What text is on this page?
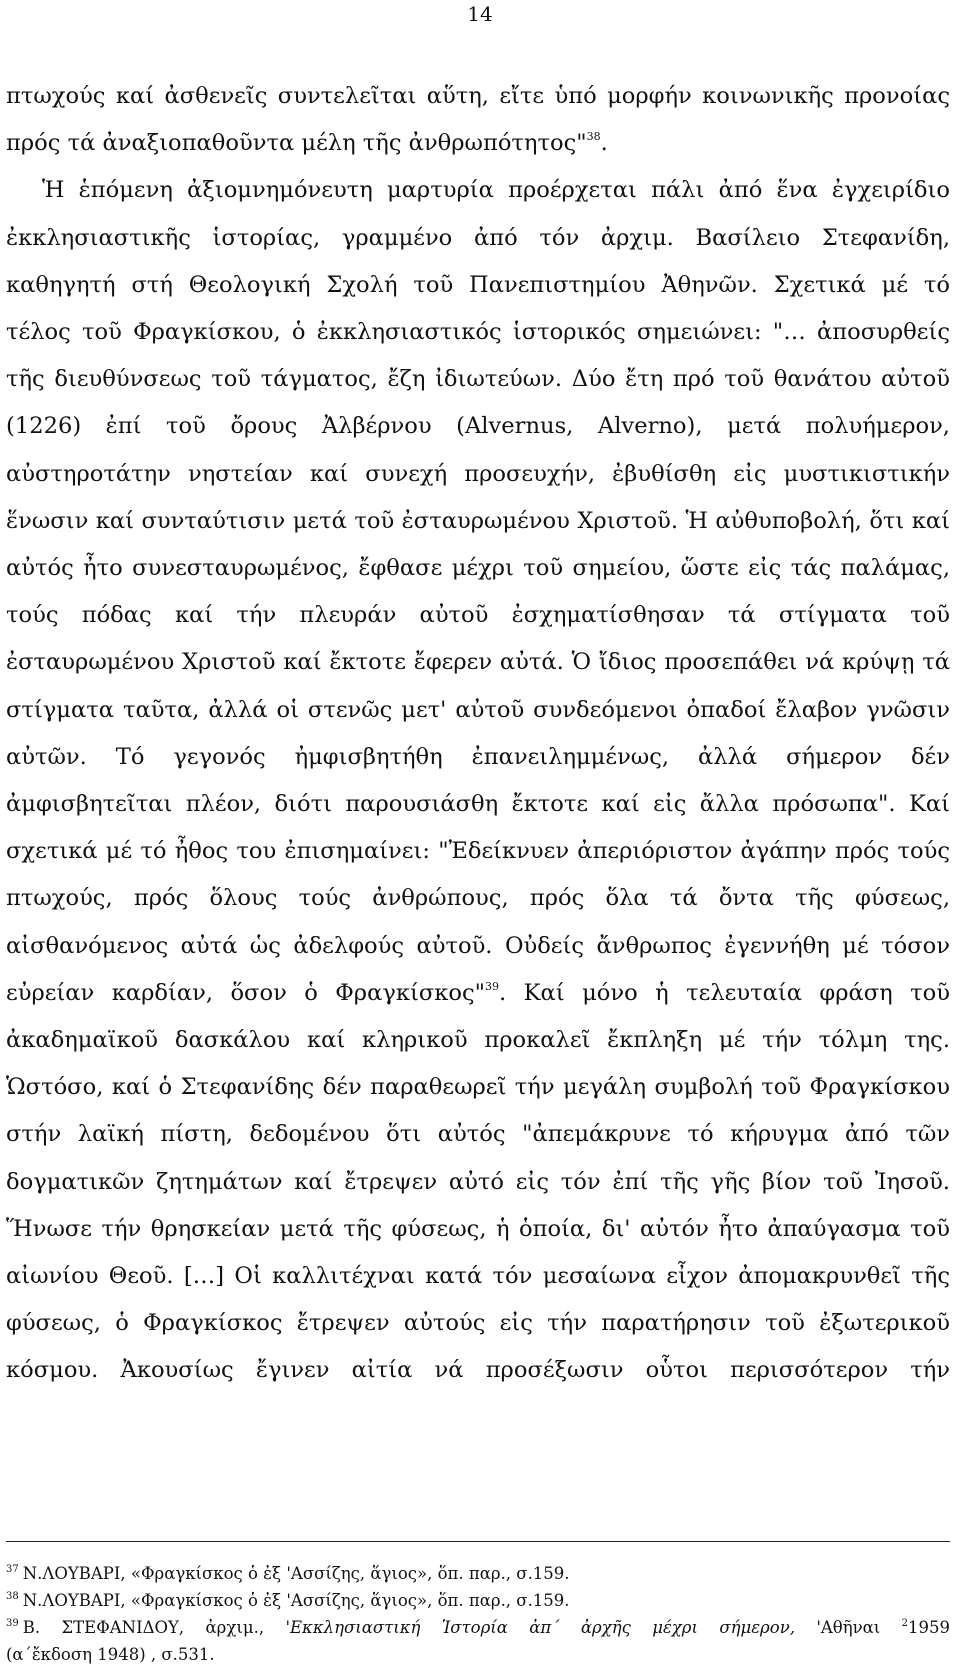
14
πτωχούς καί ἀσθενεῖς συντελεῖται αὕτη, εἴτε ὑπό μορφήν κοινωνικῆς προνοίας
πρός τά ἀναξιοπαθοῦντα μέλη τῆς ἀνθρωπότητος"$^{38}$.
Ἡ ἑπόμενη ἀξιομνημόνευτη μαρτυρία προέρχεται πάλι ἀπό ἕνα ἐγχειρίδιο
ἐκκλησιαστικῆς ἱστορίας, γραμμένο ἀπό τόν ἀρχιμ. Βασίλειο Στεφανίδη,
καθηγητή στή Θεολογική Σχολή τοῦ Πανεπιστημίου Ἀθηνῶν. Σχετικά μέ τό
τέλος τοῦ Φραγκίσκου, ὁ ἐκκλησιαστικός ἱστορικός σημειώνει: "… ἀποσυρθείς
τῆς διευθύνσεως τοῦ τάγματος, ἔζη ἰδιωτεύων. Δύο ἔτη πρό τοῦ θανάτου αὐτοῦ
(1226) ἐπί τοῦ ὄρους Ἀλβέρνου (Alvernus, Alverno), μετά πολυήμερον,
αὐστηροτάτην νηστείαν καί συνεχή προσευχήν, ἐβυθίσθη εἰς μυστικιστικήν
ἕνωσιν καί συνταύτισιν μετά τοῦ ἐσταυρωμένου Χριστοῦ. Ἡ αὐθυποβολή, ὅτι καί
αὐτός ἦτο συνεσταυρωμένος, ἔφθασε μέχρι τοῦ σημείου, ὥστε εἰς τάς παλάμας,
τούς πόδας καί τήν πλευράν αὐτοῦ ἐσχηματίσθησαν τά στίγματα τοῦ
ἐσταυρωμένου Χριστοῦ καί ἔκτοτε ἔφερεν αὐτά. Ὁ ἴδιος προσεπάθει νά κρύψῃ τά
στίγματα ταῦτα, ἀλλά οἱ στενῶς μετ' αὐτοῦ συνδεόμενοι ὀπαδοί ἔλαβον γνῶσιν
αὐτῶν. Τό γεγονός ἠμφισβητήθη ἐπανειλημμένως, ἀλλά σήμερον δέν
ἀμφισβητεῖται πλέον, διότι παρουσιάσθη ἔκτοτε καί εἰς ἄλλα πρόσωπα". Καί
σχετικά μέ τό ἦθος του ἐπισημαίνει: "Ἐδείκνυεν ἀπεριόριστον ἀγάπην πρός τούς
πτωχούς, πρός ὅλους τούς ἀνθρώπους, πρός ὅλα τά ὄντα τῆς φύσεως,
αἰσθανόμενος αὐτά ὡς ἀδελφούς αὐτοῦ. Οὐδείς ἄνθρωπος ἐγεννήθη μέ τόσον
εὐρείαν καρδίαν, ὅσον ὁ Φραγκίσκος"$^{39}$. Καί μόνο ἡ τελευταία φράση τοῦ
ἀκαδημαϊκοῦ δασκάλου καί κληρικοῦ προκαλεῖ ἔκπληξη μέ τήν τόλμη της.
Ὡστόσο, καί ὁ Στεφανίδης δέν παραθεωρεῖ τήν μεγάλη συμβολή τοῦ Φραγκίσκου
στήν λαϊκή πίστη, δεδομένου ὅτι αὐτός "ἀπεμάκρυνε τό κήρυγμα ἀπό τῶν
δογματικῶν ζητημάτων καί ἔτρεψεν αὐτό εἰς τόν ἐπί τῆς γῆς βίον τοῦ Ἰησοῦ.
Ἥνωσε τήν θρησκείαν μετά τῆς φύσεως, ἡ ὁποία, δι' αὐτόν ἦτο ἀπαύγασμα τοῦ
αἰωνίου Θεοῦ. […] Οἱ καλλιτέχναι κατά τόν μεσαίωνα εἶχον ἀπομακρυνθεῖ τῆς
φύσεως, ὁ Φραγκίσκος ἔτρεψεν αὐτούς εἰς τήν παρατήρησιν τοῦ ἐξωτερικοῦ
κόσμου. Ἀκουσίως ἔγινεν αἰτία νά προσέξωσιν οὗτοι περισσότερον τήν
$^{37}$ Ν.ΛΟΥΒΑΡΙ, «Φραγκίσκος ὁ ἐξ 'Ασσίζης, ἅγιος», ὅπ. παρ., σ.159.
$^{38}$ Ν.ΛΟΥΒΑΡΙ, «Φραγκίσκος ὁ ἐξ 'Ασσίζης, ἅγιος», ὅπ. παρ., σ.159.
$^{39}$ Β. ΣΤΕΦΑΝΙΔΟΥ, ἀρχιμ., 'Εκκλησιαστική Ἱστορία ἀπ΄ ἀρχῆς μέχρι σήμερον, 'Αθῆναι $^2$1959
(α΄ἔκδοση 1948) , σ.531.
